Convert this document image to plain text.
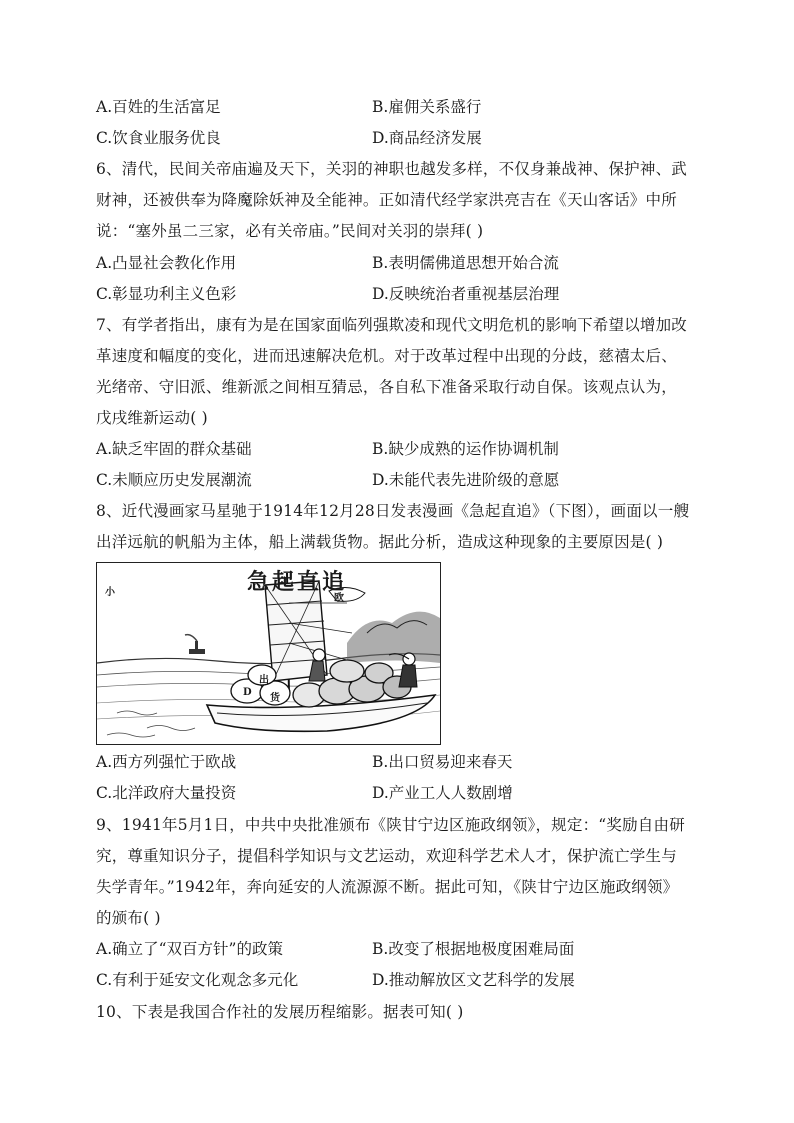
A.百姓的生活富足	B.雇佣关系盛行
C.饮食业服务优良	D.商品经济发展
6、清代，民间关帝庙遍及天下，关羽的神职也越发多样，不仅身兼战神、保护神、武
财神，还被供奉为降魔除妖神及全能神。正如清代经学家洪亮吉在《天山客话》中所
说：“塞外虽二三家，必有关帝庙。”民间对关羽的崇拜( )
A.凸显社会教化作用	B.表明儒佛道思想开始合流
C.彰显功利主义色彩	D.反映统治者重视基层治理
7、有学者指出，康有为是在国家面临列强欺凌和现代文明危机的影响下希望以增加改
革速度和幅度的变化，进而迅速解决危机。对于改革过程中出现的分歧，慈禧太后、
光绪帝、守旧派、维新派之间相互猜忌，各自私下准备采取行动自保。该观点认为，
戊戌维新运动( )
A.缺乏牢固的群众基础	B.缺少成熟的运作协调机制
C.未顺应历史发展潮流	D.未能代表先进阶级的意愿
8、近代漫画家马星驰于1914年12月28日发表漫画《急起直追》（下图），画面以一艘
出洋远航的帆船为主体，船上满载货物。据此分析，造成这种现象的主要原因是( )
急起直追
小
欧
出
货
D
A.西方列强忙于欧战	B.出口贸易迎来春天
C.北洋政府大量投资	D.产业工人人数剧增
9、1941年5月1日，中共中央批准颁布《陕甘宁边区施政纲领》，规定：“奖励自由研
究，尊重知识分子，提倡科学知识与文艺运动，欢迎科学艺术人才，保护流亡学生与
失学青年。”1942年，奔向延安的人流源源不断。据此可知，《陕甘宁边区施政纲领》
的颁布( )
A.确立了“双百方针”的政策	B.改变了根据地极度困难局面
C.有利于延安文化观念多元化	D.推动解放区文艺科学的发展
10、下表是我国合作社的发展历程缩影。据表可知( )
